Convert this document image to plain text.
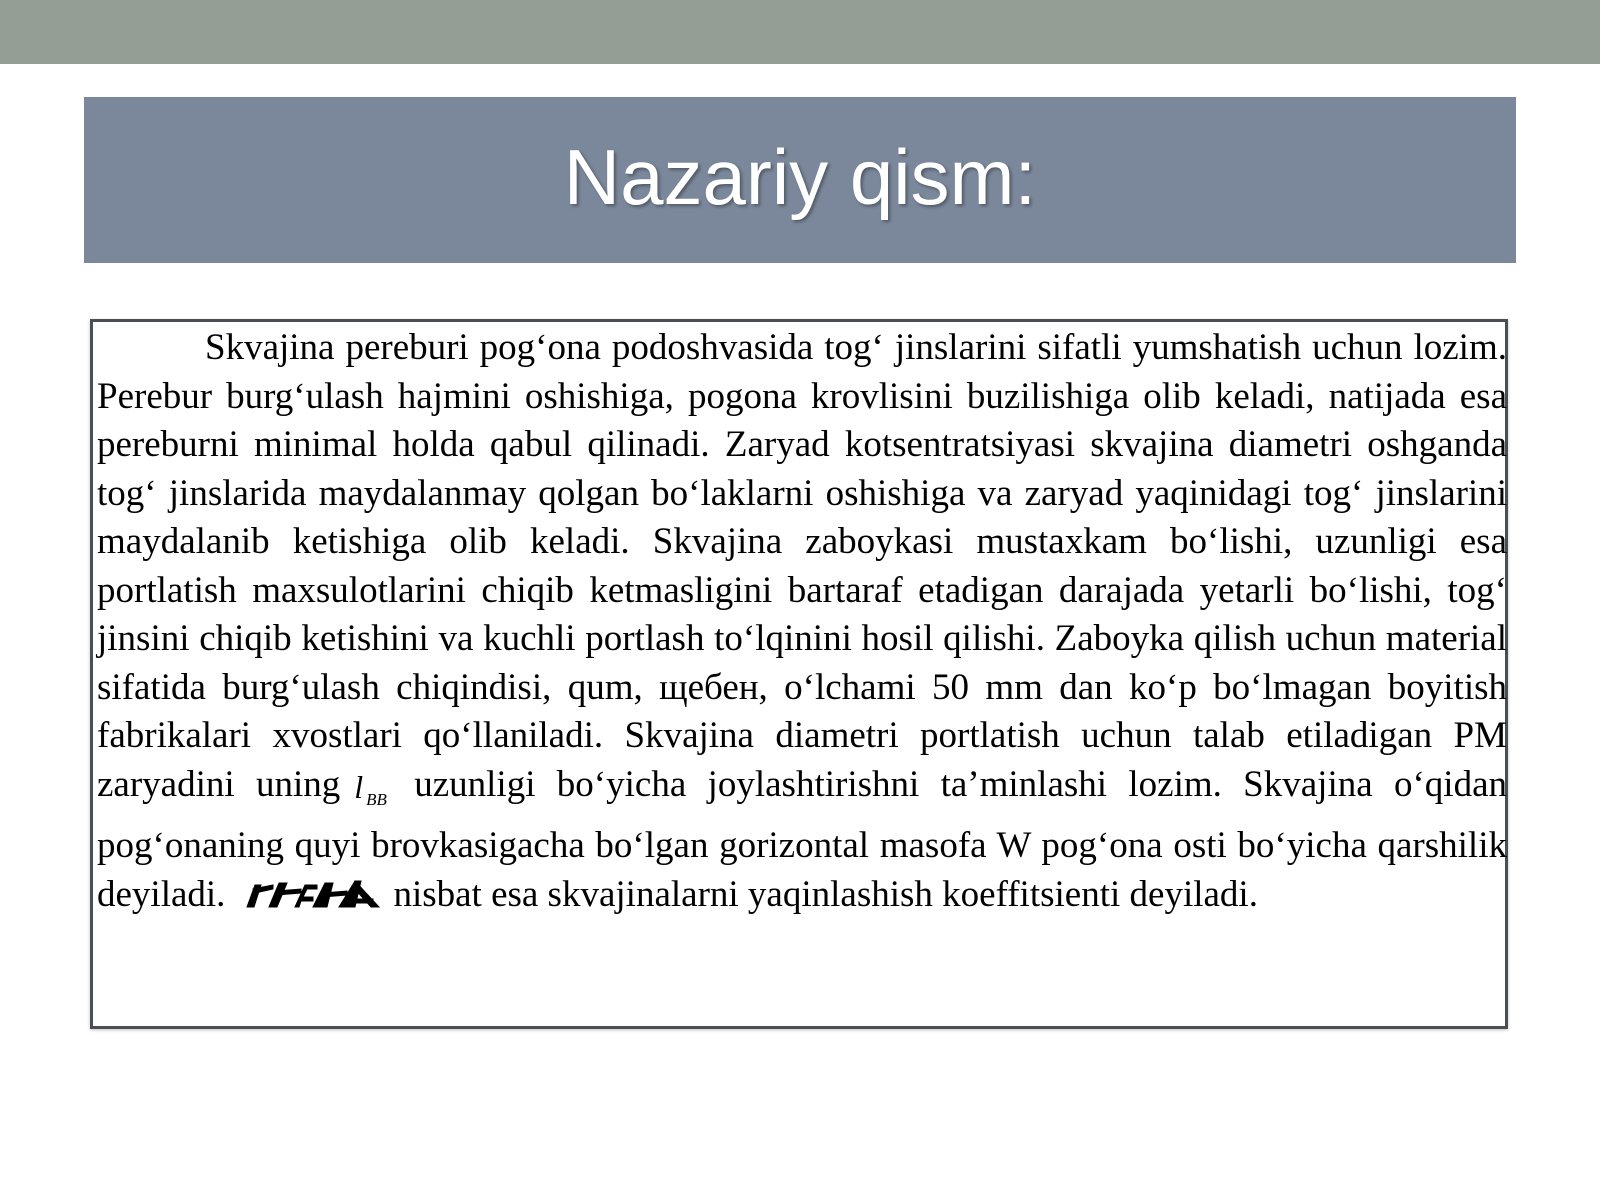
Nazariy qism:

Skvajina pereburi pog‘ona podoshvasida tog‘ jinslarini sifatli yumshatish uchun lozim. Perebur burg‘ulash hajmini oshishiga, pogona krovlisini buzilishiga olib keladi, natijada esa pereburni minimal holda qabul qilinadi. Zaryad kotsentratsiyasi skvajina diametri oshganda tog‘ jinslarida maydalanmay qolgan bo‘laklarni oshishiga va zaryad yaqinidagi tog‘ jinslarini maydalanib ketishiga olib keladi. Skvajina zaboykasi mustaxkam bo‘lishi, uzunligi esa portlatish maxsulotlarini chiqib ketmasligini bartaraf etadigan darajada yetarli bo‘lishi, tog‘ jinsini chiqib ketishini va kuchli portlash to‘lqinini hosil qilishi. Zaboyka qilish uchun material sifatida burg‘ulash chiqindisi, qum, щебен, o‘lchami 50 mm dan ko‘p bo‘lmagan boyitish fabrikalari xvostlari qo‘llaniladi. Skvajina diametri portlatish uchun talab etiladigan PM zaryadini uning l $_{BB}$ uzunligi bo‘yicha joylashtirishni ta’minlashi lozim. Skvajina o‘qidan pog‘onaning quyi brovkasigacha bo‘lgan gorizontal masofa W pog‘ona osti bo‘yicha qarshilik deyiladi.	nisbat esa skvajinalarni yaqinlashish koeffitsienti deyiladi.
